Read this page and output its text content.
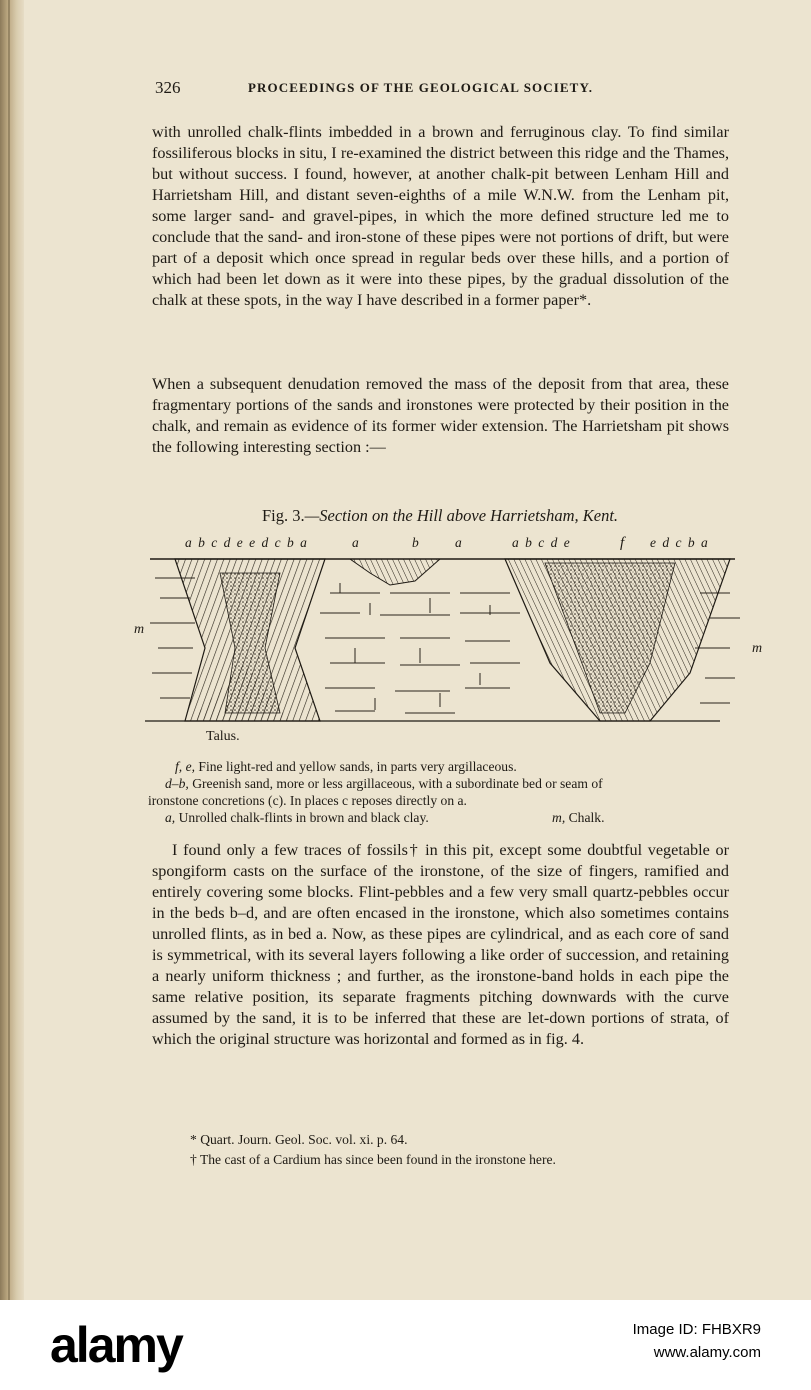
326	PROCEEDINGS OF THE GEOLOGICAL SOCIETY.

with unrolled chalk-flints imbedded in a brown and ferruginous clay. To find similar fossiliferous blocks in situ, I re-examined the district between this ridge and the Thames, but without success. I found, however, at another chalk-pit between Lenham Hill and Harrietsham Hill, and distant seven-eighths of a mile W.N.W. from the Lenham pit, some larger sand- and gravel-pipes, in which the more defined structure led me to conclude that the sand- and iron-stone of these pipes were not portions of drift, but were part of a deposit which once spread in regular beds over these hills, and a portion of which had been let down as it were into these pipes, by the gradual dissolution of the chalk at these spots, in the way I have described in a former paper*.

When a subsequent denudation removed the mass of the deposit from that area, these fragmentary portions of the sands and ironstones were protected by their position in the chalk, and remain as evidence of its former wider extension. The Harrietsham pit shows the following interesting section :—

Fig. 3.—Section on the Hill above Harrietsham, Kent.
a b c d e e d c b a	a	b	a	a b c d e	f e d c b a
m
m
Talus.
f, e, Fine light-red and yellow sands, in parts very argillaceous.
d–b, Greenish sand, more or less argillaceous, with a subordinate bed or seam of
ironstone concretions (c). In places c reposes directly on a.
a, Unrolled chalk-flints in brown and black clay.	m, Chalk.

I found only a few traces of fossils† in this pit, except some doubtful vegetable or spongiform casts on the surface of the ironstone, of the size of fingers, ramified and entirely covering some blocks. Flint-pebbles and a few very small quartz-pebbles occur in the beds b–d, and are often encased in the ironstone, which also sometimes contains unrolled flints, as in bed a. Now, as these pipes are cylindrical, and as each core of sand is symmetrical, with its several layers following a like order of succession, and retaining a nearly uniform thickness ; and further, as the ironstone-band holds in each pipe the same relative position, its separate fragments pitching downwards with the curve assumed by the sand, it is to be inferred that these are let-down portions of strata, of which the original structure was horizontal and formed as in fig. 4.

* Quart. Journ. Geol. Soc. vol. xi. p. 64.
† The cast of a Cardium has since been found in the ironstone here.
alamy	Image ID: FHBXR9
www.alamy.com
